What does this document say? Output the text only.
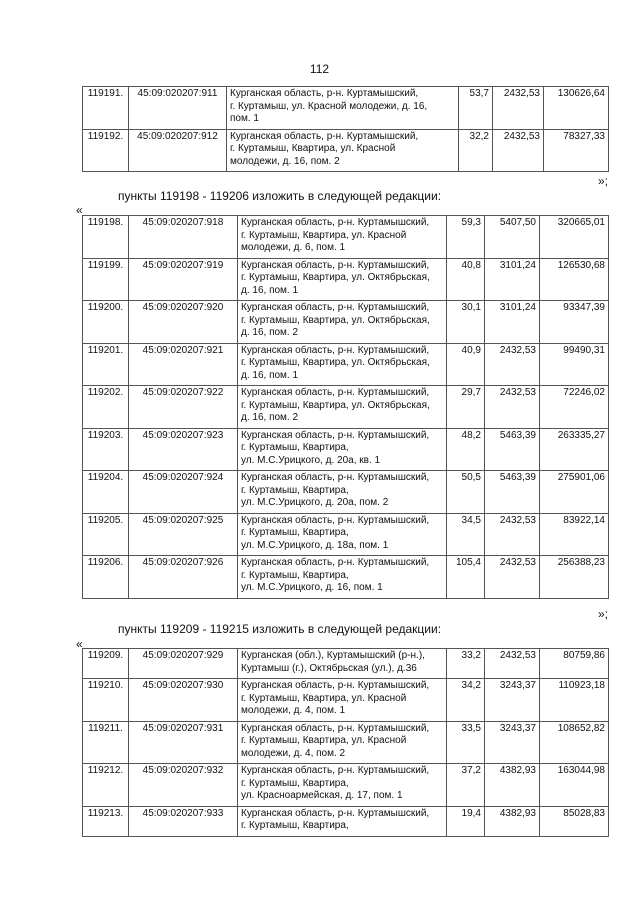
112
119191.	45:09:020207:911	Курганская область, р-н. Куртамышский,
г. Куртамыш, ул. Красной молодежи, д. 16,
пом. 1	53,7	2432,53	130626,64
119192.	45:09:020207:912	Курганская область, р-н. Куртамышский,
г. Куртамыш, Квартира, ул. Красной
молодежи, д. 16, пом. 2	32,2	2432,53	78327,33
»;
пункты 119198 - 119206 изложить в следующей редакции:
«
119198.	45:09:020207:918	Курганская область, р-н. Куртамышский,
г. Куртамыш, Квартира, ул. Красной
молодежи, д. 6, пом. 1	59,3	5407,50	320665,01
119199.	45:09:020207:919	Курганская область, р-н. Куртамышский,
г. Куртамыш, Квартира, ул. Октябрьская,
д. 16, пом. 1	40,8	3101,24	126530,68
119200.	45:09:020207:920	Курганская область, р-н. Куртамышский,
г. Куртамыш, Квартира, ул. Октябрьская,
д. 16, пом. 2	30,1	3101,24	93347,39
119201.	45:09:020207:921	Курганская область, р-н. Куртамышский,
г. Куртамыш, Квартира, ул. Октябрьская,
д. 16, пом. 1	40,9	2432,53	99490,31
119202.	45:09:020207:922	Курганская область, р-н. Куртамышский,
г. Куртамыш, Квартира, ул. Октябрьская,
д. 16, пом. 2	29,7	2432,53	72246,02
119203.	45:09:020207:923	Курганская область, р-н. Куртамышский,
г. Куртамыш, Квартира,
ул. М.С.Урицкого, д. 20а, кв. 1	48,2	5463,39	263335,27
119204.	45:09:020207:924	Курганская область, р-н. Куртамышский,
г. Куртамыш, Квартира,
ул. М.С.Урицкого, д. 20а, пом. 2	50,5	5463,39	275901,06
119205.	45:09:020207:925	Курганская область, р-н. Куртамышский,
г. Куртамыш, Квартира,
ул. М.С.Урицкого, д. 18а, пом. 1	34,5	2432,53	83922,14
119206.	45:09:020207:926	Курганская область, р-н. Куртамышский,
г. Куртамыш, Квартира,
ул. М.С.Урицкого, д. 16, пом. 1	105,4	2432,53	256388,23
»;
пункты 119209 - 119215 изложить в следующей редакции:
«
119209.	45:09:020207:929	Курганская (обл.), Куртамышский (р-н.),
Куртамыш (г.), Октябрьская (ул.), д.36	33,2	2432,53	80759,86
119210.	45:09:020207:930	Курганская область, р-н. Куртамышский,
г. Куртамыш, Квартира, ул. Красной
молодежи, д. 4, пом. 1	34,2	3243,37	110923,18
119211.	45:09:020207:931	Курганская область, р-н. Куртамышский,
г. Куртамыш, Квартира, ул. Красной
молодежи, д. 4, пом. 2	33,5	3243,37	108652,82
119212.	45:09:020207:932	Курганская область, р-н. Куртамышский,
г. Куртамыш, Квартира,
ул. Красноармейская, д. 17, пом. 1	37,2	4382,93	163044,98
119213.	45:09:020207:933	Курганская область, р-н. Куртамышский,
г. Куртамыш, Квартира,	19,4	4382,93	85028,83
